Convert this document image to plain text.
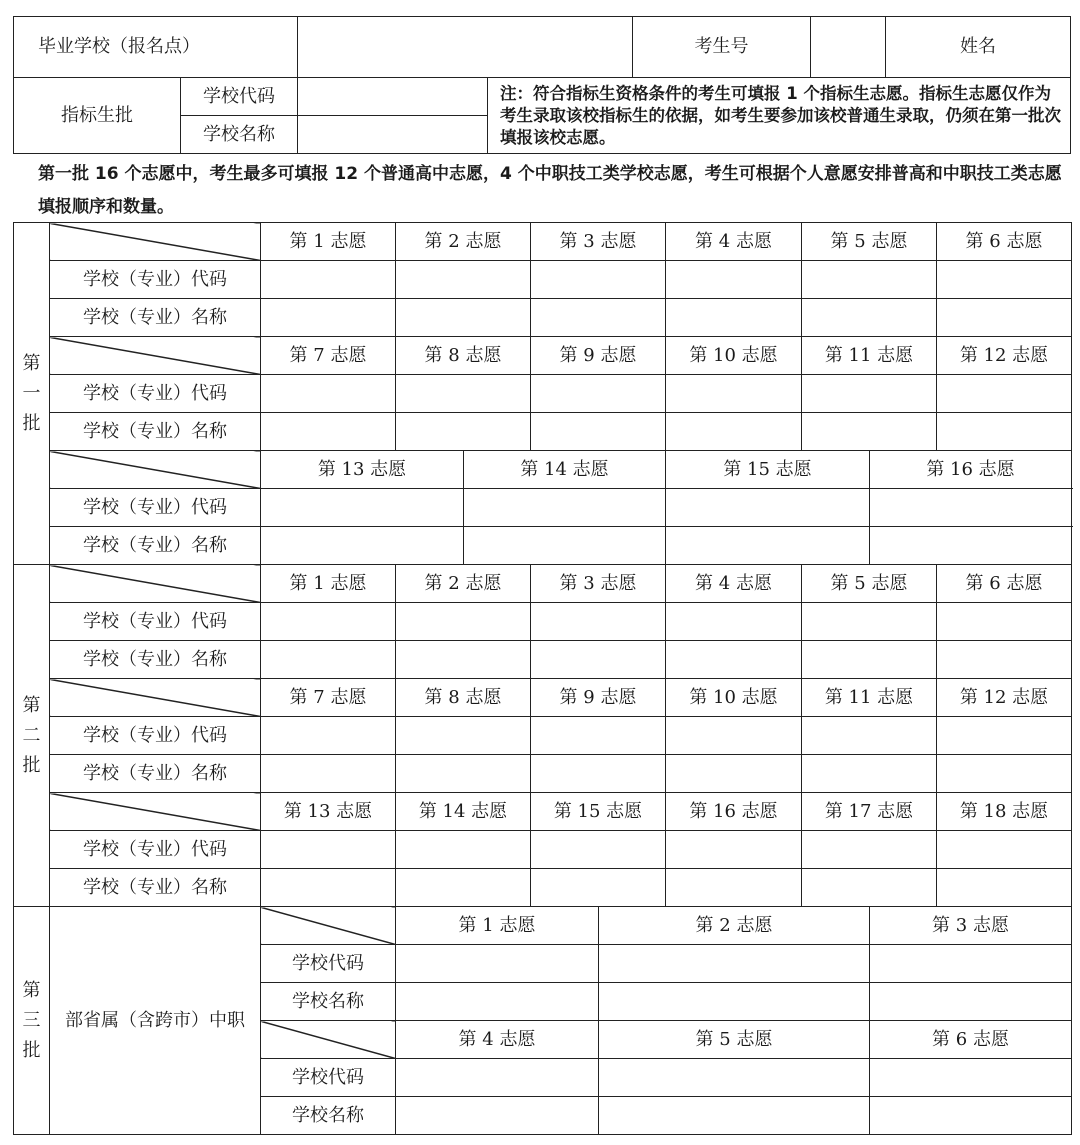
毕业学校（报名点）				考生号		姓名
指标生批	学校代码		注：符合指标生资格条件的考生可填报 1 个指标生志愿。指标生志愿仅作为考生录取该校指标生的依据，如考生要参加该校普通生录取，仍须在第一批次填报该校志愿。			
	学校名称					

第一批 16 个志愿中，考生最多可填报 12 个普通高中志愿，4 个中职技工类学校志愿，考生可根据个人意愿安排普高和中职技工类志愿填报顺序和数量。

第
一
批		第 1 志愿	第 2 志愿		第 3 志愿		第 4 志愿	第 5 志愿		第 6 志愿
	学校（专业）代码									
	学校（专业）名称									
		第 7 志愿	第 8 志愿		第 9 志愿		第 10 志愿	第 11 志愿		第 12 志愿
	学校（专业）代码									
	学校（专业）名称									
		第 13 志愿		第 14 志愿			第 15 志愿		第 16 志愿	
	学校（专业）代码									
	学校（专业）名称									
第
二
批		第 1 志愿	第 2 志愿		第 3 志愿		第 4 志愿	第 5 志愿		第 6 志愿
	学校（专业）代码									
	学校（专业）名称									
		第 7 志愿	第 8 志愿		第 9 志愿		第 10 志愿	第 11 志愿		第 12 志愿
	学校（专业）代码									
	学校（专业）名称									
		第 13 志愿	第 14 志愿		第 15 志愿		第 16 志愿	第 17 志愿		第 18 志愿
	学校（专业）代码									
	学校（专业）名称									
第
三
批	部省属（含跨市）中职		第 1 志愿			第 2 志愿			第 3 志愿	
		学校代码								
		学校名称								
			第 4 志愿			第 5 志愿			第 6 志愿	
		学校代码								
		学校名称								
